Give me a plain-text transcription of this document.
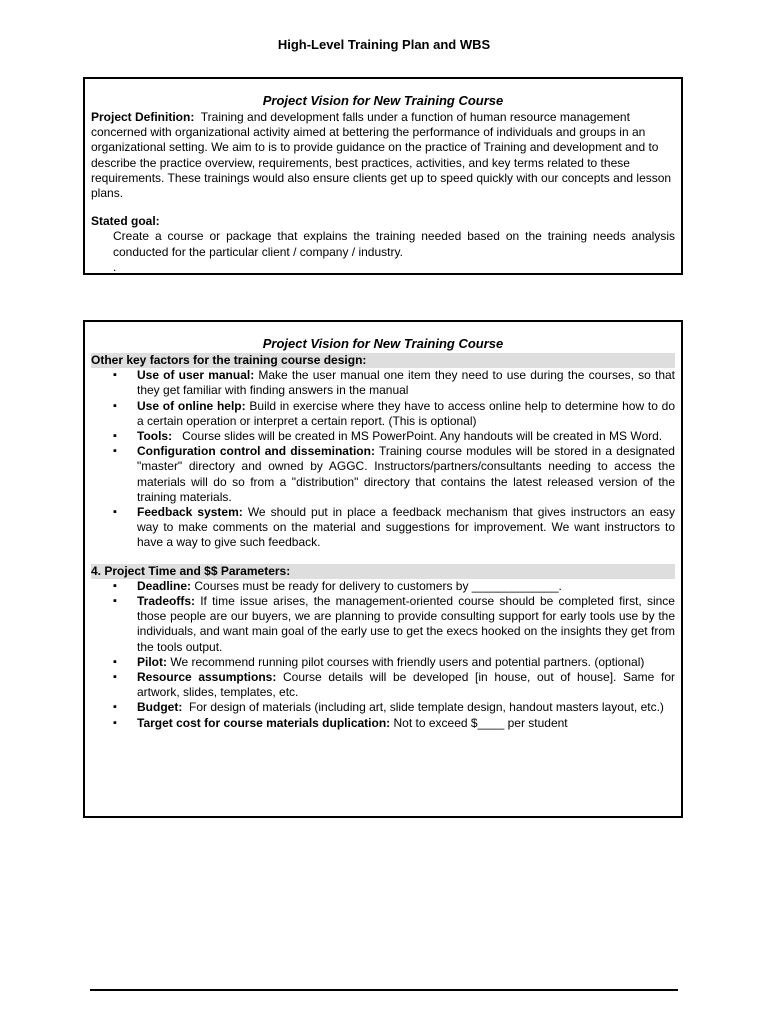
High-Level Training Plan and WBS
Project Vision for New Training Course

Project Definition: Training and development falls under a function of human resource management concerned with organizational activity aimed at bettering the performance of individuals and groups in an organizational setting. We aim to is to provide guidance on the practice of Training and development and to describe the practice overview, requirements, best practices, activities, and key terms related to these requirements. These trainings would also ensure clients get up to speed quickly with our concepts and lesson plans.

Stated goal:

Create a course or package that explains the training needed based on the training needs analysis conducted for the particular client / company / industry.

.

Project Vision for New Training Course
Other key factors for the training course design:
▪ Use of user manual: Make the user manual one item they need to use during the courses, so that they get familiar with finding answers in the manual
▪ Use of online help: Build in exercise where they have to access online help to determine how to do a certain operation or interpret a certain report. (This is optional)
▪ Tools: Course slides will be created in MS PowerPoint. Any handouts will be created in MS Word.
▪ Configuration control and dissemination: Training course modules will be stored in a designated "master" directory and owned by AGGC. Instructors/partners/consultants needing to access the materials will do so from a "distribution" directory that contains the latest released version of the training materials.
▪ Feedback system: We should put in place a feedback mechanism that gives instructors an easy way to make comments on the material and suggestions for improvement. We want instructors to have a way to give such feedback.
4. Project Time and $$ Parameters:
▪ Deadline: Courses must be ready for delivery to customers by _____________.
▪ Tradeoffs: If time issue arises, the management-oriented course should be completed first, since those people are our buyers, we are planning to provide consulting support for early tools use by the individuals, and want main goal of the early use to get the execs hooked on the insights they get from the tools output.
▪ Pilot: We recommend running pilot courses with friendly users and potential partners. (optional)
▪ Resource assumptions: Course details will be developed [in house, out of house]. Same for artwork, slides, templates, etc.
▪ Budget: For design of materials (including art, slide template design, handout masters layout, etc.)
▪ Target cost for course materials duplication: Not to exceed $____ per student
